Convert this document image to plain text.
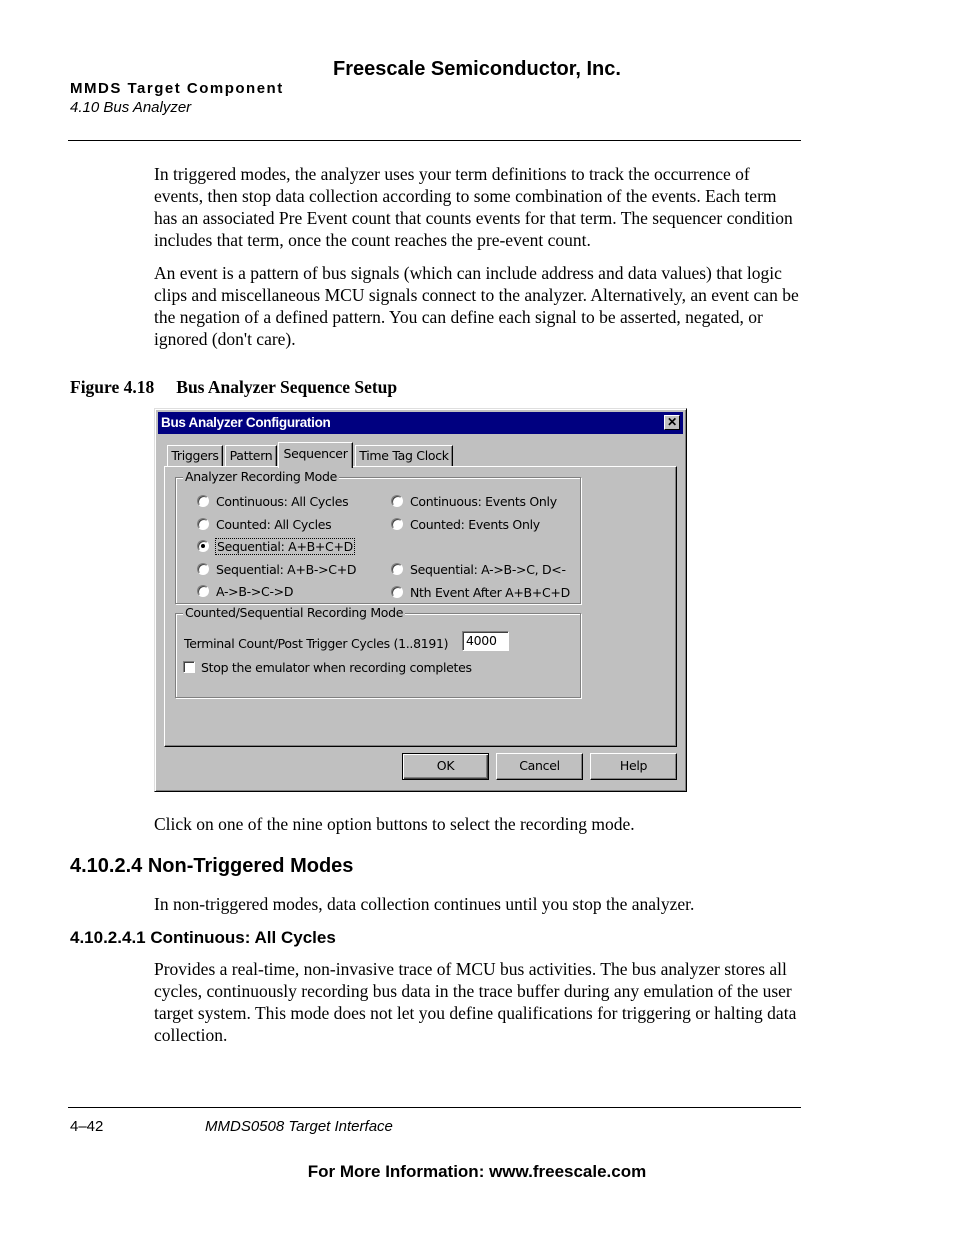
Freescale Semiconductor, Inc.
MMDS Target Component
4.10 Bus Analyzer

In triggered modes, the analyzer uses your term definitions to track the occurrence of events, then stop data collection according to some combination of the events. Each term has an associated Pre Event count that counts events for that term. The sequencer condition includes that term, once the count reaches the pre-event count.

An event is a pattern of bus signals (which can include address and data values) that logic clips and miscellaneous MCU signals connect to the analyzer. Alternatively, an event can be the negation of a defined pattern. You can define each signal to be asserted, negated, or ignored (don't care).

Figure 4.18 Bus Analyzer Sequence Setup
Bus Analyzer Configuration	✕
Triggers Pattern Sequencer Time Tag Clock
Analyzer Recording Mode
Continuous: All Cycles	Continuous: Events Only
Counted: All Cycles	Counted: Events Only
Sequential: A+B+C+D
Sequential: A+B->C+D	Sequential: A->B->C, D<-
A->B->C->D	Nth Event After A+B+C+D
Counted/Sequential Recording Mode
Terminal Count/Post Trigger Cycles (1..8191)	4000
Stop the emulator when recording completes
OK	Cancel	Help

Click on one of the nine option buttons to select the recording mode.

4.10.2.4 Non-Triggered Modes

In non-triggered modes, data collection continues until you stop the analyzer.

4.10.2.4.1 Continuous: All Cycles

Provides a real-time, non-invasive trace of MCU bus activities. The bus analyzer stores all cycles, continuously recording bus data in the trace buffer during any emulation of the user target system. This mode does not let you define qualifications for triggering or halting data collection.

4–42	MMDS0508 Target Interface
For More Information: www.freescale.com
